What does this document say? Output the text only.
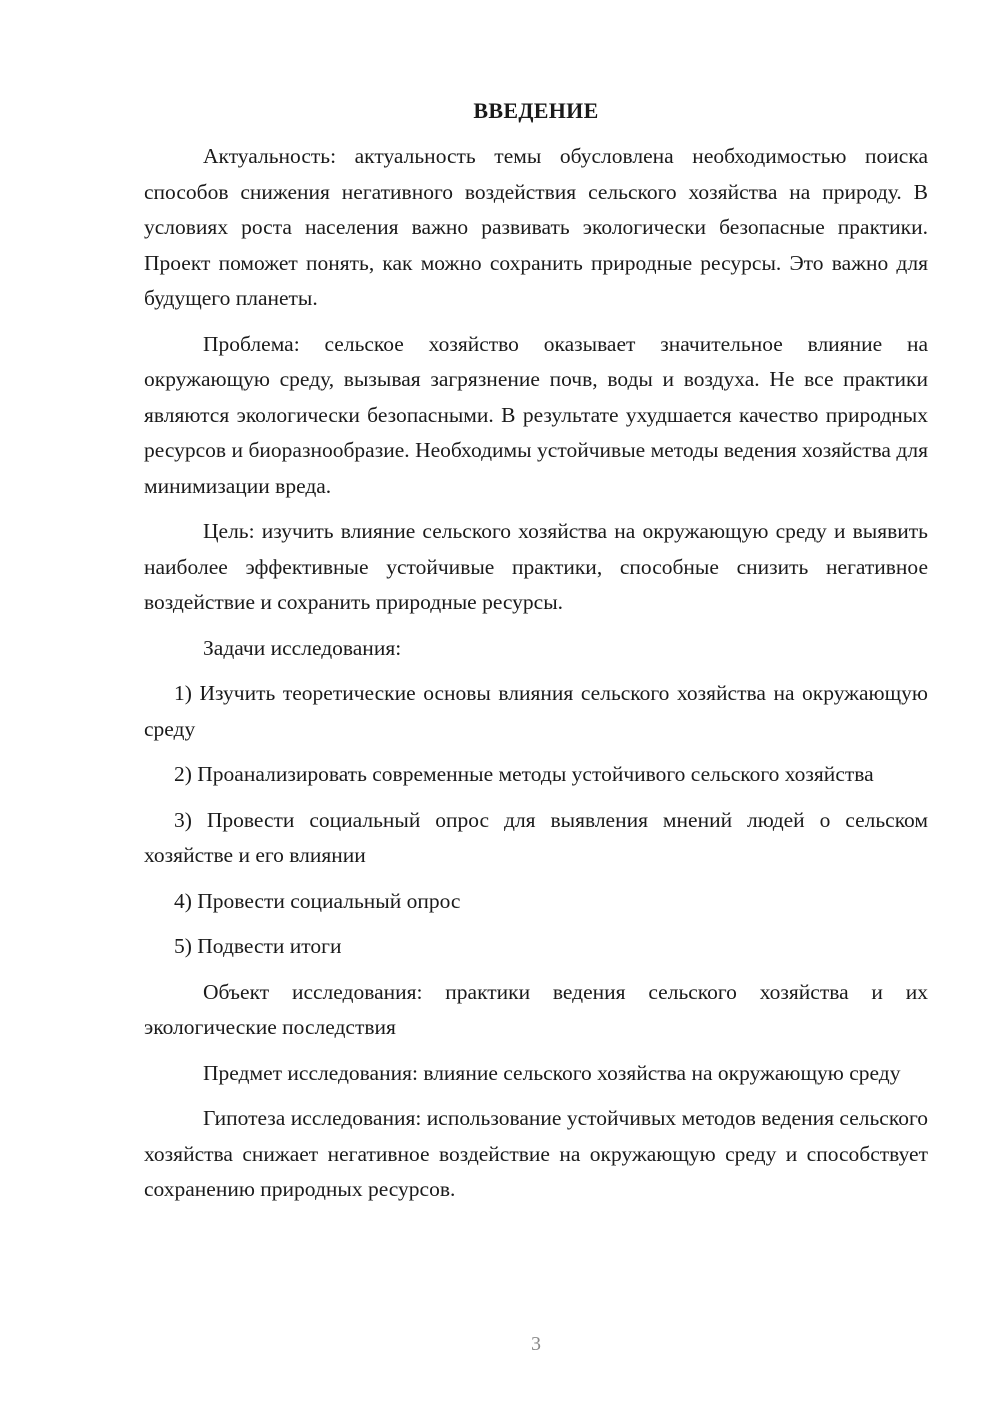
ВВЕДЕНИЕ

Актуальность: актуальность темы обусловлена необходимостью поиска способов снижения негативного воздействия сельского хозяйства на природу. В условиях роста населения важно развивать экологически безопасные практики. Проект поможет понять, как можно сохранить природные ресурсы. Это важно для будущего планеты.

Проблема: сельское хозяйство оказывает значительное влияние на окружающую среду, вызывая загрязнение почв, воды и воздуха. Не все практики являются экологически безопасными. В результате ухудшается качество природных ресурсов и биоразнообразие. Необходимы устойчивые методы ведения хозяйства для минимизации вреда.

Цель: изучить влияние сельского хозяйства на окружающую среду и выявить наиболее эффективные устойчивые практики, способные снизить негативное воздействие и сохранить природные ресурсы.

Задачи исследования:

1) Изучить теоретические основы влияния сельского хозяйства на окружающую среду

2) Проанализировать современные методы устойчивого сельского хозяйства

3) Провести социальный опрос для выявления мнений людей о сельском хозяйстве и его влиянии

4) Провести социальный опрос

5) Подвести итоги

Объект исследования: практики ведения сельского хозяйства и их экологические последствия

Предмет исследования: влияние сельского хозяйства на окружающую среду

Гипотеза исследования: использование устойчивых методов ведения сельского хозяйства снижает негативное воздействие на окружающую среду и способствует сохранению природных ресурсов.

3
